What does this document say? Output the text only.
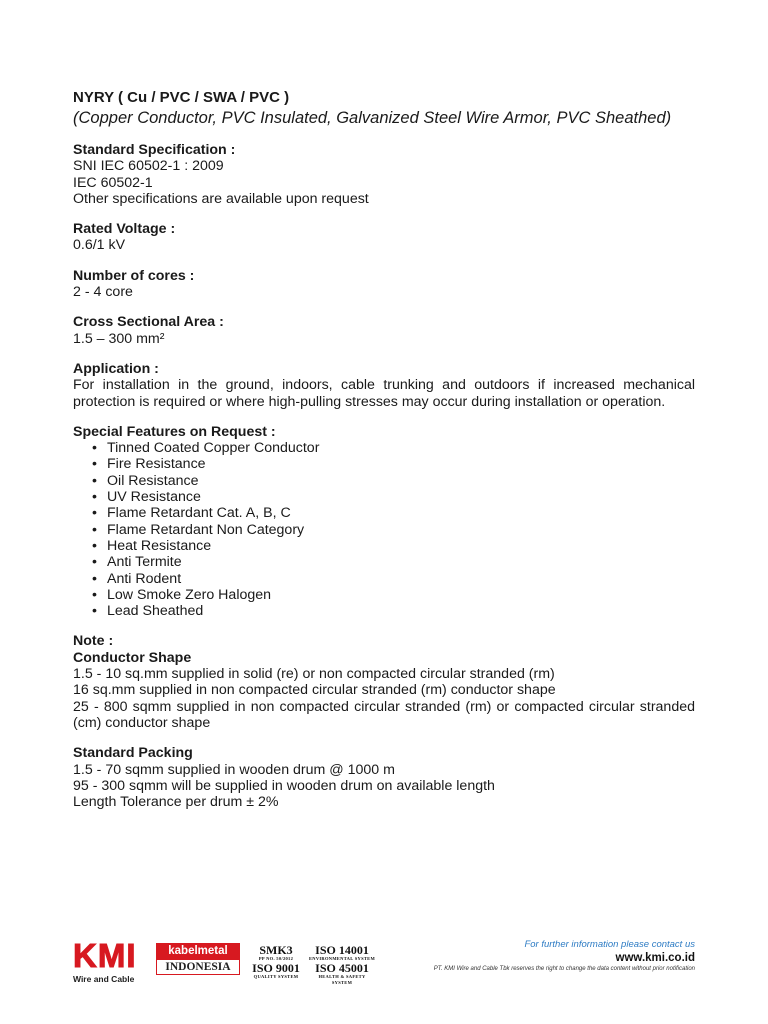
NYRY ( Cu / PVC / SWA / PVC )

(Copper Conductor, PVC Insulated, Galvanized Steel Wire Armor, PVC Sheathed)

Standard Specification :

SNI IEC 60502-1 : 2009

IEC 60502-1

Other specifications are available upon request

Rated Voltage :

0.6/1 kV

Number of cores :

2 - 4 core

Cross Sectional Area :

1.5 – 300 mm²

Application :

For installation in the ground, indoors, cable trunking and outdoors if increased mechanical protection is required or where high-pulling stresses may occur during installation or operation.

Special Features on Request :
• Tinned Coated Copper Conductor
• Fire Resistance
• Oil Resistance
• UV Resistance
• Flame Retardant Cat. A, B, C
• Flame Retardant Non Category
• Heat Resistance
• Anti Termite
• Anti Rodent
• Low Smoke Zero Halogen
• Lead Sheathed
Note :
Conductor Shape

1.5 - 10 sq.mm supplied in solid (re) or non compacted circular stranded (rm)

16 sq.mm supplied in non compacted circular stranded (rm) conductor shape

25 - 800 sqmm supplied in non compacted circular stranded (rm) or compacted circular stranded (cm) conductor shape

Standard Packing

1.5 - 70 sqmm supplied in wooden drum @ 1000 m

95 - 300 sqmm will be supplied in wooden drum on available length

Length Tolerance per drum ± 2%

K M I
Wire and Cable
kabelmetal
INDONESIA
SMK3
PP NO. 50/2012
ISO 9001
QUALITY SYSTEM
ISO 14001
ENVIRONMENTAL SYSTEM
ISO 45001
HEALTH & SAFETY SYSTEM
For further information please contact us
www.kmi.co.id
PT. KMI Wire and Cable Tbk reserves the right to change the data content without prior notification
